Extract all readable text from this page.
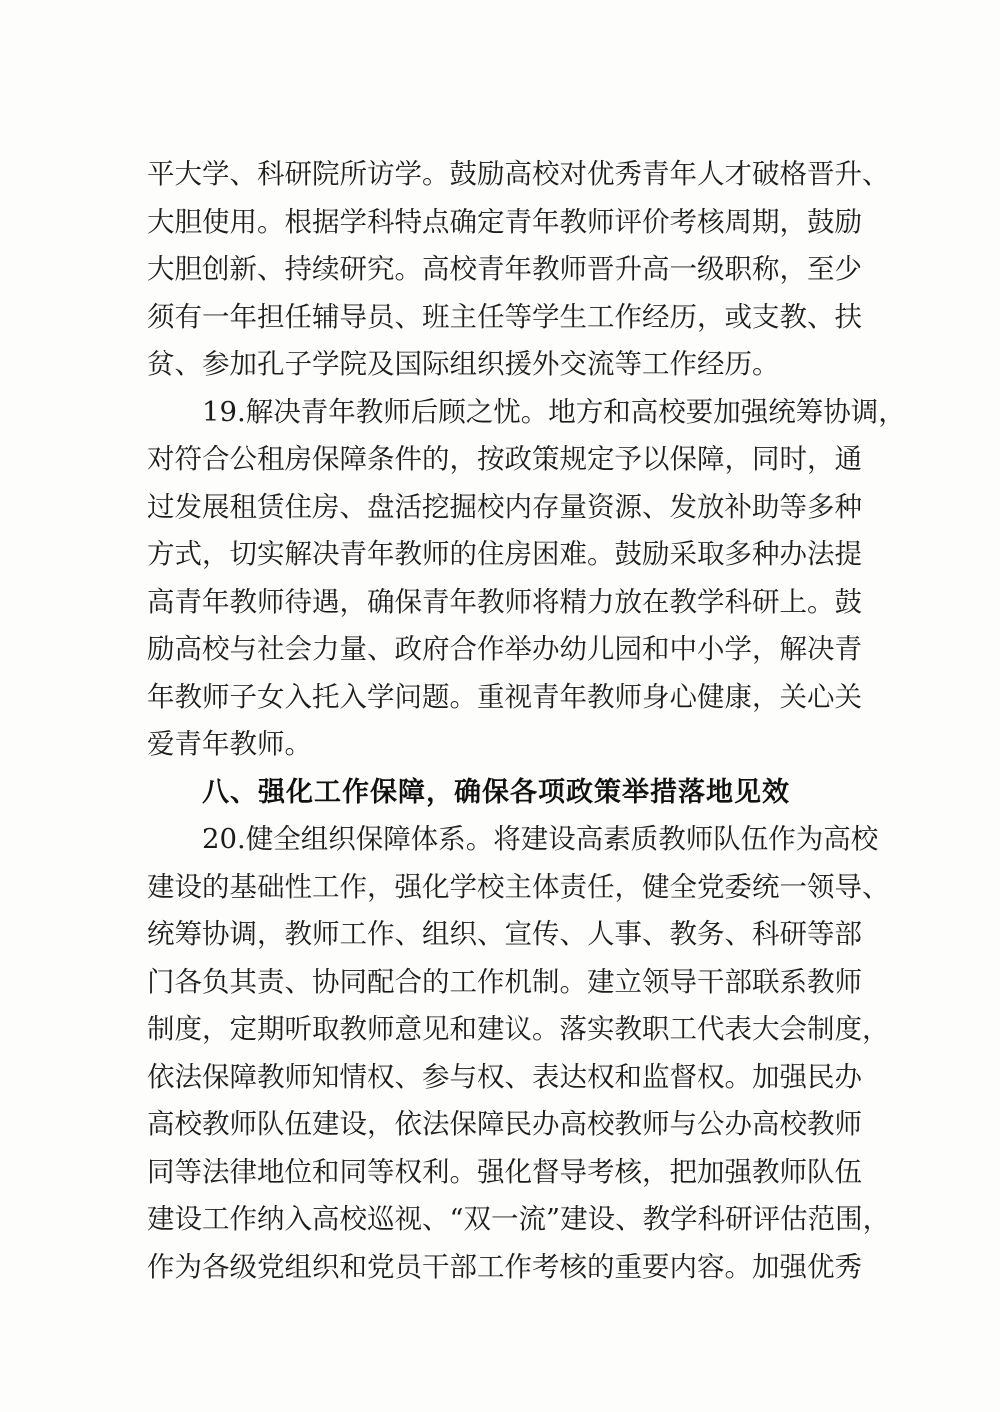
平大学、科研院所访学。鼓励高校对优秀青年人才破格晋升、
大胆使用。根据学科特点确定青年教师评价考核周期，鼓励
大胆创新、持续研究。高校青年教师晋升高一级职称，至少
须有一年担任辅导员、班主任等学生工作经历，或支教、扶
贫、参加孔子学院及国际组织援外交流等工作经历。
19.解决青年教师后顾之忧。地方和高校要加强统筹协调，
对符合公租房保障条件的，按政策规定予以保障，同时，通
过发展租赁住房、盘活挖掘校内存量资源、发放补助等多种
方式，切实解决青年教师的住房困难。鼓励采取多种办法提
高青年教师待遇，确保青年教师将精力放在教学科研上。鼓
励高校与社会力量、政府合作举办幼儿园和中小学，解决青
年教师子女入托入学问题。重视青年教师身心健康，关心关
爱青年教师。
八、强化工作保障，确保各项政策举措落地见效
20.健全组织保障体系。将建设高素质教师队伍作为高校
建设的基础性工作，强化学校主体责任，健全党委统一领导、
统筹协调，教师工作、组织、宣传、人事、教务、科研等部
门各负其责、协同配合的工作机制。建立领导干部联系教师
制度，定期听取教师意见和建议。落实教职工代表大会制度，
依法保障教师知情权、参与权、表达权和监督权。加强民办
高校教师队伍建设，依法保障民办高校教师与公办高校教师
同等法律地位和同等权利。强化督导考核，把加强教师队伍
建设工作纳入高校巡视、“双一流”建设、教学科研评估范围，
作为各级党组织和党员干部工作考核的重要内容。加强优秀
